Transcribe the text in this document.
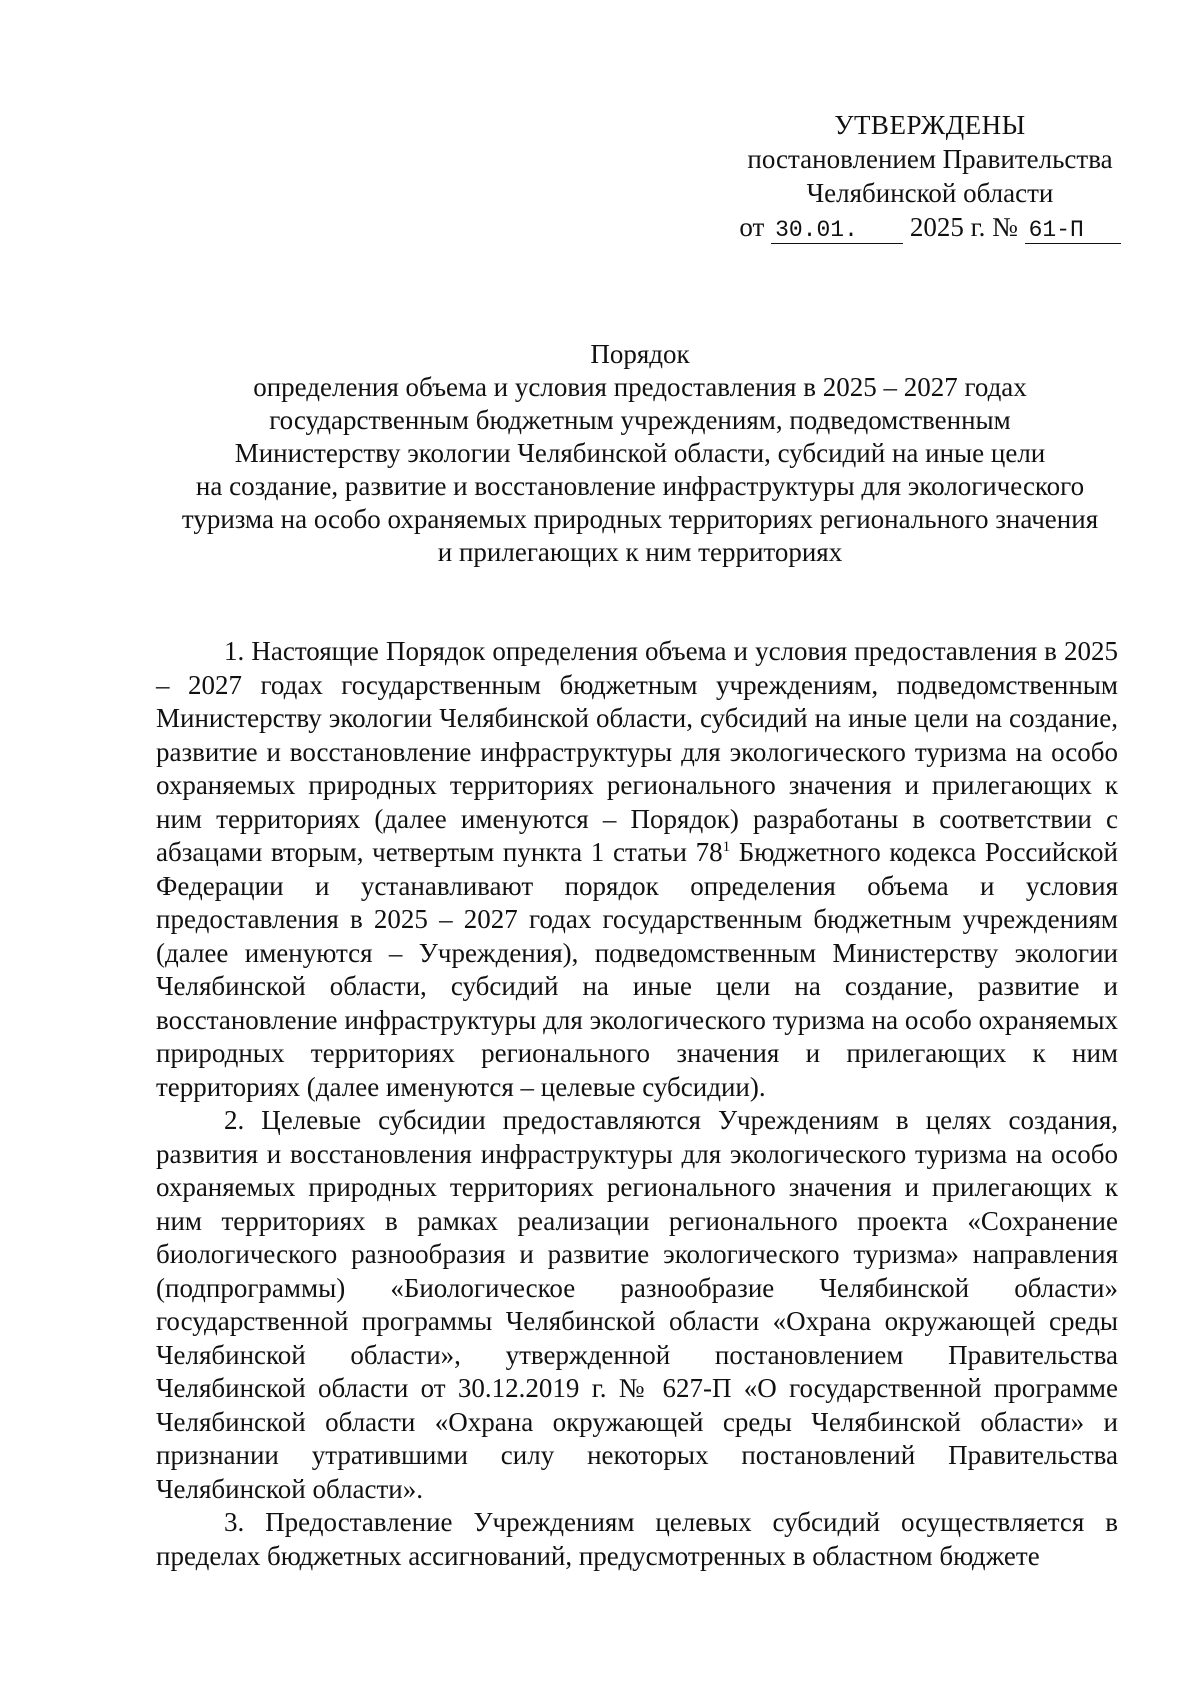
УТВЕРЖДЕНЫ
постановлением Правительства
Челябинской области
от 30.01. 2025 г. № 61-П
Порядок
определения объема и условия предоставления в 2025 – 2027 годах
государственным бюджетным учреждениям, подведомственным
Министерству экологии Челябинской области, субсидий на иные цели
на создание, развитие и восстановление инфраструктуры для экологического
туризма на особо охраняемых природных территориях регионального значения
и прилегающих к ним территориях

1. Настоящие Порядок определения объема и условия предоставления в 2025 – 2027 годах государственным бюджетным учреждениям, подведомственным Министерству экологии Челябинской области, субсидий на иные цели на создание, развитие и восстановление инфраструктуры для экологического туризма на особо охраняемых природных территориях регионального значения и прилегающих к ним территориях (далее именуются – Порядок) разработаны в соответствии с абзацами вторым, четвертым пункта 1 статьи $78^1$ Бюджетного кодекса Российской Федерации и устанавливают порядок определения объема и условия предоставления в 2025 – 2027 годах государственным бюджетным учреждениям (далее именуются – Учреждения), подведомственным Министерству экологии Челябинской области, субсидий на иные цели на создание, развитие и восстановление инфраструктуры для экологического туризма на особо охраняемых природных территориях регионального значения и прилегающих к ним территориях (далее именуются – целевые субсидии).

2. Целевые субсидии предоставляются Учреждениям в целях создания, развития и восстановления инфраструктуры для экологического туризма на особо охраняемых природных территориях регионального значения и прилегающих к ним территориях в рамках реализации регионального проекта «Сохранение биологического разнообразия и развитие экологического туризма» направления (подпрограммы) «Биологическое разнообразие Челябинской области» государственной программы Челябинской области «Охрана окружающей среды Челябинской области», утвержденной постановлением Правительства Челябинской области от 30.12.2019 г. № 627-П «О государственной программе Челябинской области «Охрана окружающей среды Челябинской области» и признании утратившими силу некоторых постановлений Правительства Челябинской области».

3. Предоставление Учреждениям целевых субсидий осуществляется в пределах бюджетных ассигнований, предусмотренных в областном бюджете
